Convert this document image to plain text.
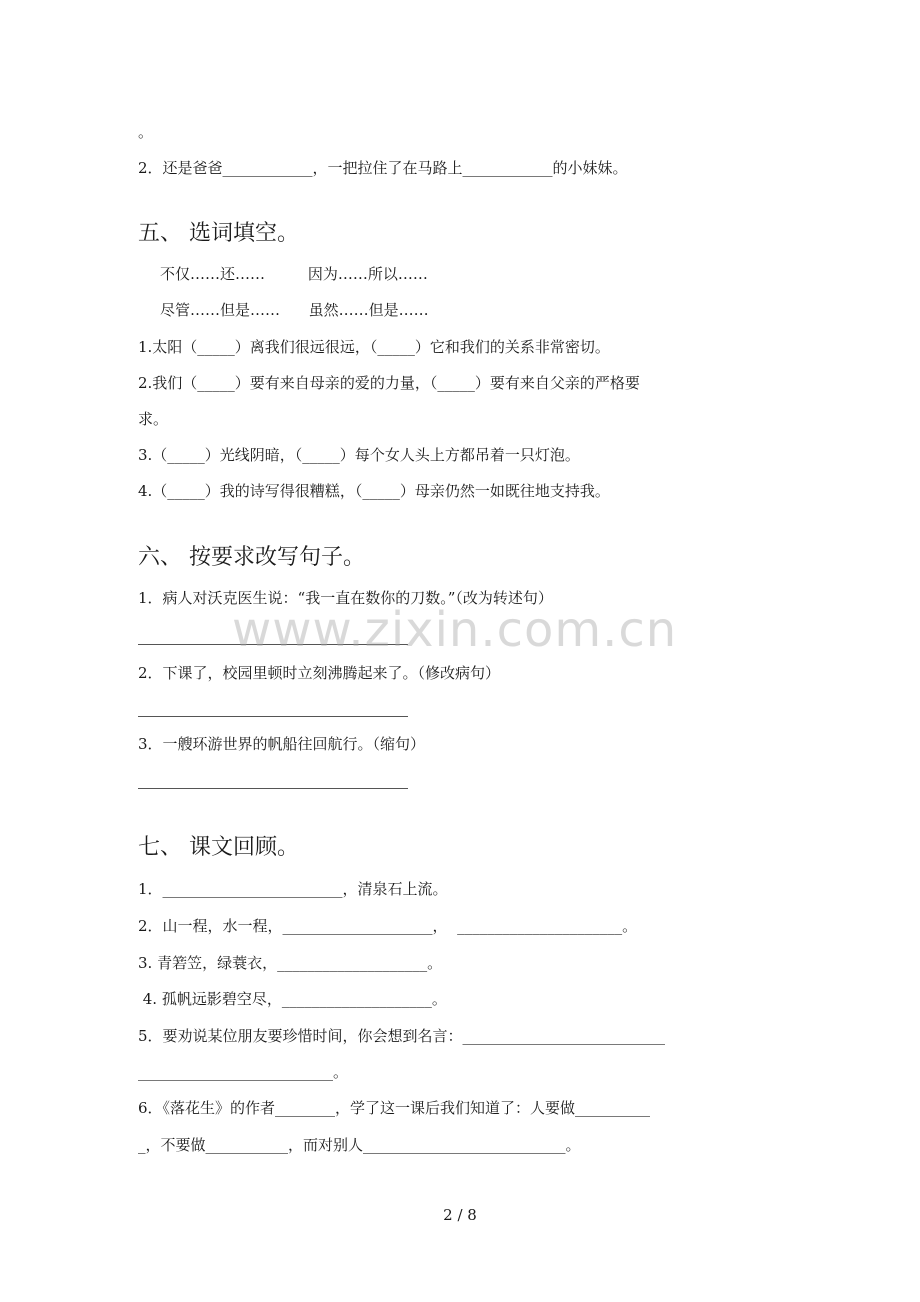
。
2．还是爸爸____________，一把拉住了在马路上____________的小妹妹。
五、 选词填空。
不仅……还……         因为……所以……
尽管……但是……      虽然……但是……
1.太阳（_____）离我们很远很远，（_____）它和我们的关系非常密切。
2.我们（_____）要有来自母亲的爱的力量，（_____）要有来自父亲的严格要
求。
3.（_____）光线阴暗，（_____）每个女人头上方都吊着一只灯泡。
4.（_____）我的诗写得很糟糕，（_____）母亲仍然一如既往地支持我。
六、 按要求改写句子。
1．病人对沃克医生说：“我一直在数你的刀数。”（改为转述句）
2．下课了，校园里顿时立刻沸腾起来了。（修改病句）
3．一艘环游世界的帆船往回航行。（缩句）
七、 课文回顾。
1．________________________，清泉石上流。
2．山一程，水一程，____________________，  ______________________。
3. 青箬笠，绿蓑衣，____________________。
4. 孤帆远影碧空尽，____________________。
5．要劝说某位朋友要珍惜时间，你会想到名言：___________________________
__________________________。
6．《落花生》的作者________，学了这一课后我们知道了：人要做__________
_，不要做___________，而对别人___________________________。
www.zixin.com.cn
2 / 8
